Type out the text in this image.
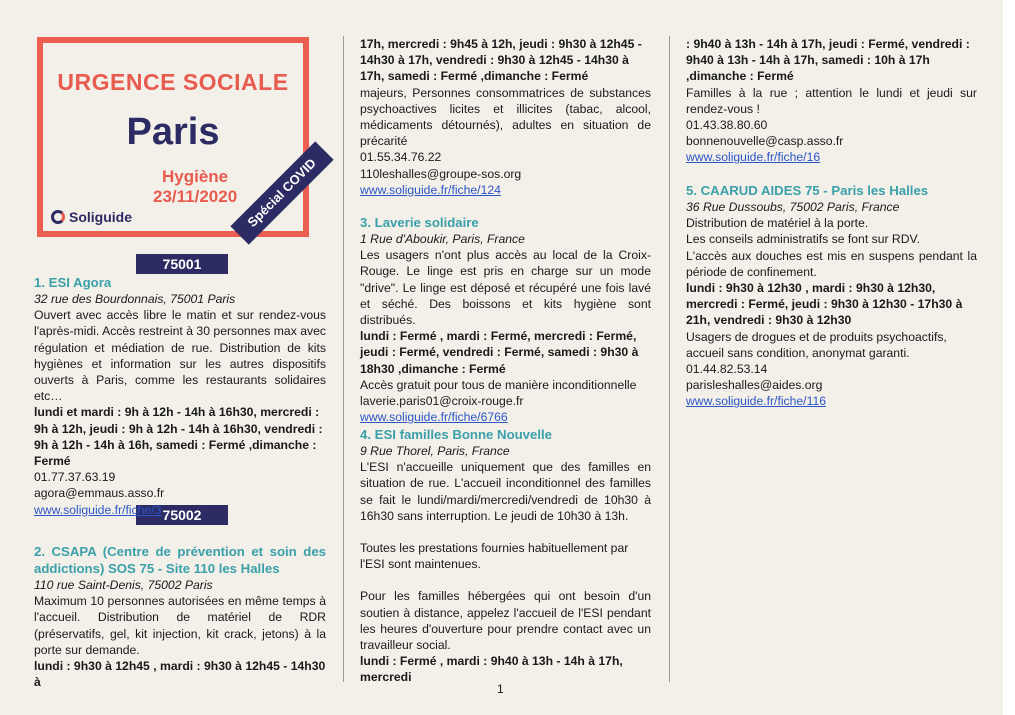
URGENCE SOCIALE
Paris
Hygiène
23/11/2020
Soliguide	Spécial COVID
75001
75002
1. ESI Agora

32 rue des Bourdonnais, 75001 Paris

Ouvert avec accès libre le matin et sur rendez-vous l'après-midi. Accès restreint à 30 personnes max avec régulation et médiation de rue. Distribution de kits hygiènes et information sur les autres dispositifs ouverts à Paris, comme les restaurants solidaires etc…

lundi et mardi : 9h à 12h - 14h à 16h30, mercredi : 9h à 12h, jeudi : 9h à 12h - 14h à 16h30, vendredi : 9h à 12h - 14h à 16h, samedi : Fermé ,dimanche : Fermé

01.77.37.63.19

agora@emmaus.asso.fr

www.soliguide.fr/fiche/3

2. CSAPA (Centre de prévention et soin des addictions) SOS 75 - Site 110 les Halles

110 rue Saint-Denis, 75002 Paris

Maximum 10 personnes autorisées en même temps à l'accueil. Distribution de matériel de RDR (préservatifs, gel, kit injection, kit crack, jetons) à la porte sur demande.

lundi : 9h30 à 12h45 , mardi : 9h30 à 12h45 - 14h30 à

17h, mercredi : 9h45 à 12h, jeudi : 9h30 à 12h45 - 14h30 à 17h, vendredi : 9h30 à 12h45 - 14h30 à 17h, samedi : Fermé ,dimanche : Fermé

majeurs, Personnes consommatrices de substances psychoactives licites et illicites (tabac, alcool, médicaments détournés), adultes en situation de précarité

01.55.34.76.22

110leshalles@groupe-sos.org

www.soliguide.fr/fiche/124

3. Laverie solidaire

1 Rue d'Aboukir, Paris, France

Les usagers n'ont plus accès au local de la Croix-Rouge. Le linge est pris en charge sur un mode "drive". Le linge est déposé et récupéré une fois lavé et séché. Des boissons et kits hygiène sont distribués.

lundi : Fermé , mardi : Fermé, mercredi : Fermé, jeudi : Fermé, vendredi : Fermé, samedi : 9h30 à 18h30 ,dimanche : Fermé

Accès gratuit pour tous de manière inconditionnelle

laverie.paris01@croix-rouge.fr

www.soliguide.fr/fiche/6766

4. ESI familles Bonne Nouvelle

9 Rue Thorel, Paris, France

L'ESI n'accueille uniquement que des familles en situation de rue. L'accueil inconditionnel des familles se fait le lundi/mardi/mercredi/vendredi de 10h30 à 16h30 sans interruption. Le jeudi de 10h30 à 13h.

Toutes les prestations fournies habituellement par l'ESI sont maintenues.

Pour les familles hébergées qui ont besoin d'un soutien à distance, appelez l'accueil de l'ESI pendant les heures d'ouverture pour prendre contact avec un travailleur social.

lundi : Fermé , mardi : 9h40 à 13h - 14h à 17h, mercredi

: 9h40 à 13h - 14h à 17h, jeudi : Fermé, vendredi : 9h40 à 13h - 14h à 17h, samedi : 10h à 17h ,dimanche : Fermé

Familles à la rue ; attention le lundi et jeudi sur rendez-vous !

01.43.38.80.60

bonnenouvelle@casp.asso.fr

www.soliguide.fr/fiche/16

5. CAARUD AIDES 75 - Paris les Halles

36 Rue Dussoubs, 75002 Paris, France

Distribution de matériel à la porte.

Les conseils administratifs se font sur RDV.

L'accès aux douches est mis en suspens pendant la période de confinement.

lundi : 9h30 à 12h30 , mardi : 9h30 à 12h30, mercredi : Fermé, jeudi : 9h30 à 12h30 - 17h30 à 21h, vendredi : 9h30 à 12h30

Usagers de drogues et de produits psychoactifs, accueil sans condition, anonymat garanti.

01.44.82.53.14

parisleshalles@aides.org

www.soliguide.fr/fiche/116

1
